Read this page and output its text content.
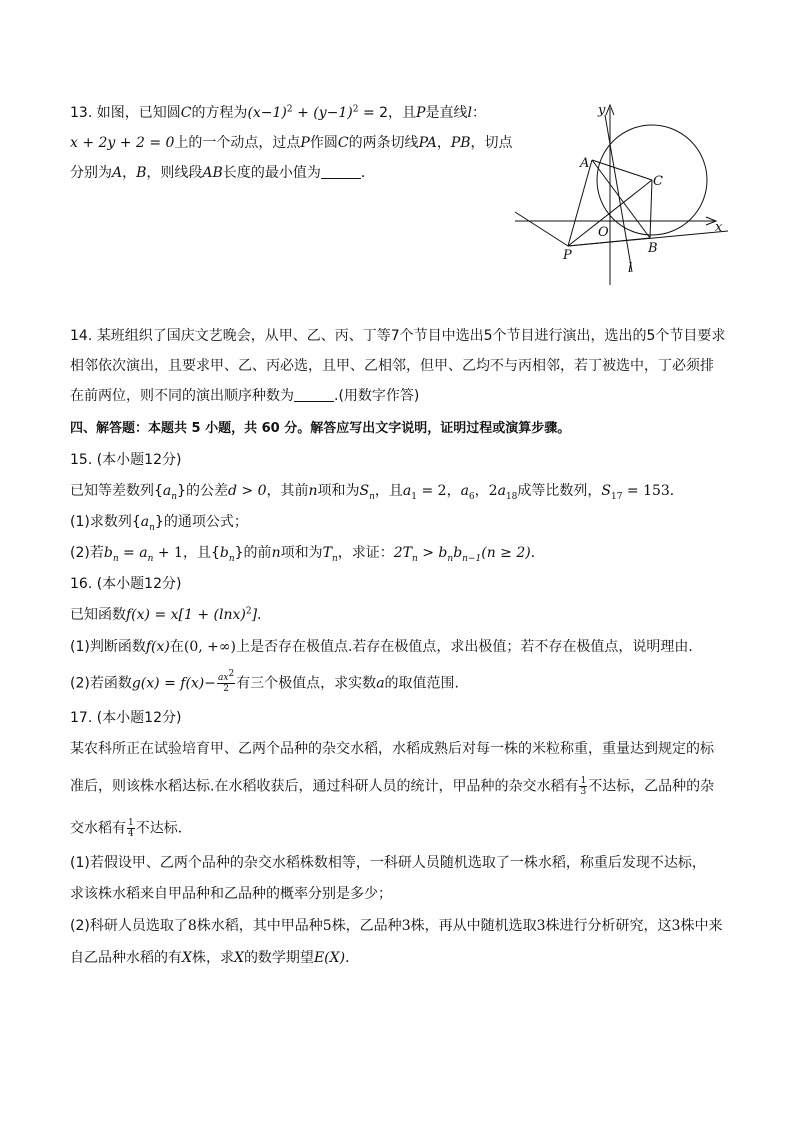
13. 如图，已知圆C的方程为$(x-1)^2 + (y-1)^2 = 2$，且P是直线l：
x + 2y + 2 = 0上的一个动点，过点P作圆C的两条切线PA，PB，切点
分别为A，B，则线段AB长度的最小值为	．
y
x
A
C
O
B
P
l
14. 某班组织了国庆文艺晚会，从甲、乙、丙、丁等7个节目中选出5个节目进行演出，选出的5个节目要求
相邻依次演出，且要求甲、乙、丙必选，且甲、乙相邻，但甲、乙均不与丙相邻，若丁被选中，丁必须排
在前两位，则不同的演出顺序种数为	.(用数字作答)
四、解答题：本题共 5 小题，共 60 分。解答应写出文字说明，证明过程或演算步骤。
15. (本小题12分)
已知等差数列$\{a_n\}$的公差d > 0，其前n项和为$S_n$，且$a_1 = 2$，$a_6$，$2a_{18}$成等比数列，$S_{17} = 153$．
(1)求数列$\{a_n\}$的通项公式；
(2)若$b_n = a_n + 1$，且$\{b_n\}$的前n项和为$T_n$，求证：$2T_n > b_nb_{n-1}(n \ge 2)$．
16. (本小题12分)
已知函数$f(x) = x[1 + (\ln x)^2]$.
(1)判断函数f(x)在(0, +∞)上是否存在极值点.若存在极值点，求出极值；若不存在极值点，说明理由．
(2)若函数$g(x) = f(x)- \frac{ax^2}{2}$ 有三个极值点，求实数a的取值范围.
17. (本小题12分)
某农科所正在试验培育甲、乙两个品种的杂交水稻，水稻成熟后对每一株的米粒称重，重量达到规定的标
准后，则该株水稻达标.在水稻收获后，通过科研人员的统计，甲品种的杂交水稻有 $\frac{1}{3}$ 不达标，乙品种的杂
交水稻有 $\frac{1}{4}$ 不达标．
(1)若假设甲、乙两个品种的杂交水稻株数相等，一科研人员随机选取了一株水稻，称重后发现不达标，
求该株水稻来自甲品种和乙品种的概率分别是多少；
(2)科研人员选取了8株水稻，其中甲品种5株，乙品种3株，再从中随机选取3株进行分析研究，这3株中来
自乙品种水稻的有X株，求X的数学期望E(X)．
